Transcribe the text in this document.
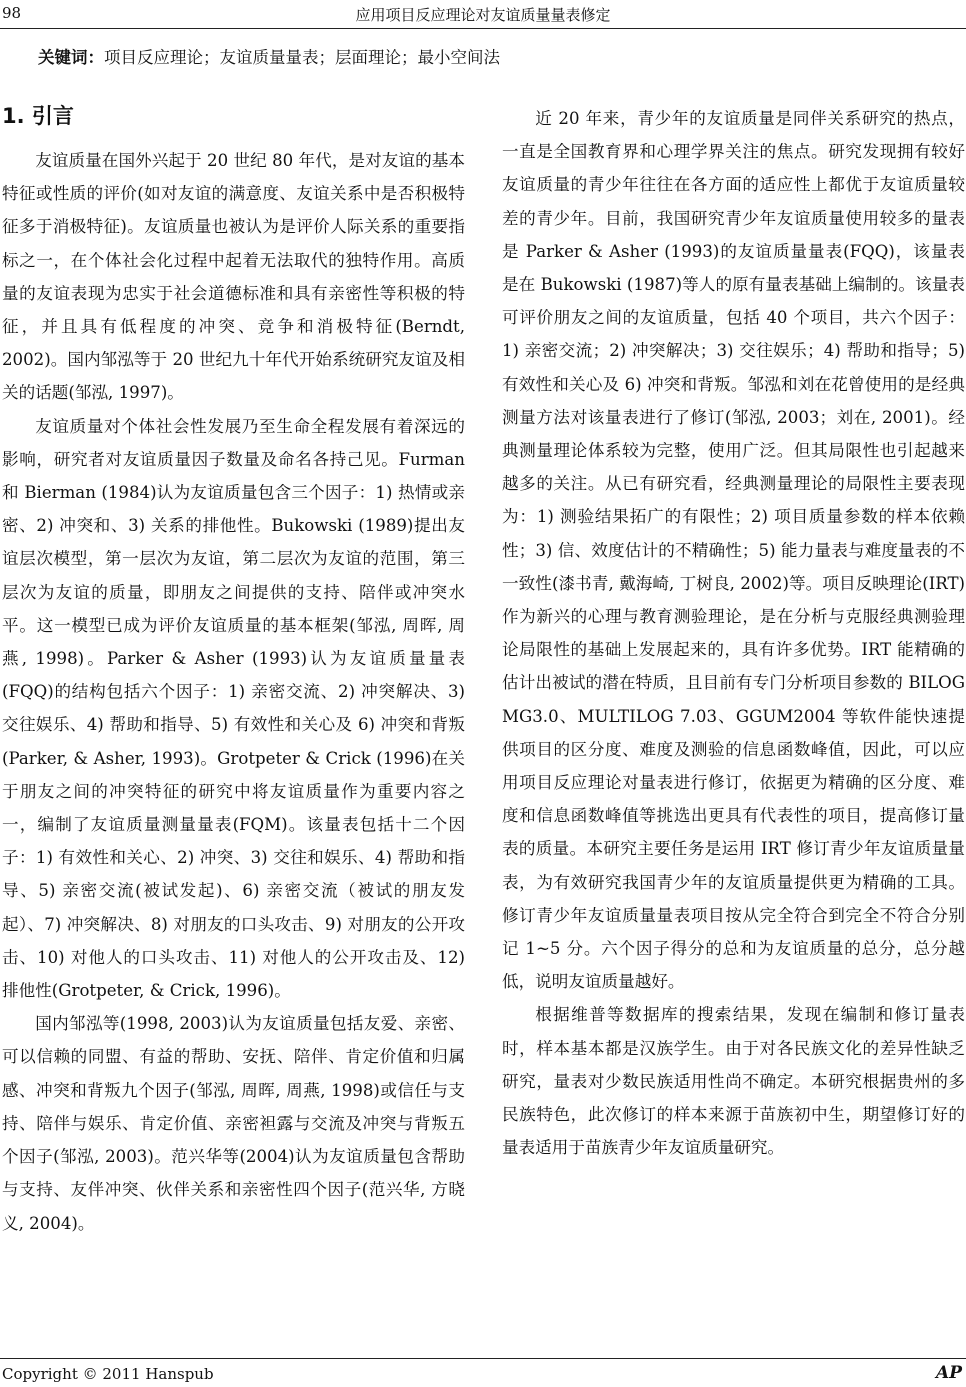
98	应用项目反应理论对友谊质量量表修定
关键词：项目反应理论；友谊质量量表；层面理论；最小空间法
1. 引言

友谊质量在国外兴起于 20 世纪 80 年代，是对友谊的基本特征或性质的评价(如对友谊的满意度、友谊关系中是否积极特征多于消极特征)。友谊质量也被认为是评价人际关系的重要指标之一，在个体社会化过程中起着无法取代的独特作用。高质量的友谊表现为忠实于社会道德标准和具有亲密性等积极的特征，并且具有低程度的冲突、竞争和消极特征(Berndt, 2002)。国内邹泓等于 20 世纪九十年代开始系统研究友谊及相关的话题(邹泓, 1997)。

友谊质量对个体社会性发展乃至生命全程发展有着深远的影响，研究者对友谊质量因子数量及命名各持己见。Furman 和 Bierman (1984)认为友谊质量包含三个因子：1) 热情或亲密、2) 冲突和、3) 关系的排他性。Bukowski (1989)提出友谊层次模型，第一层次为友谊，第二层次为友谊的范围，第三层次为友谊的质量，即朋友之间提供的支持、陪伴或冲突水平。这一模型已成为评价友谊质量的基本框架(邹泓, 周晖, 周燕, 1998)。Parker & Asher (1993)认为友谊质量量表(FQQ)的结构包括六个因子：1) 亲密交流、2) 冲突解决、3) 交往娱乐、4) 帮助和指导、5) 有效性和关心及 6) 冲突和背叛(Parker, & Asher, 1993)。Grotpeter & Crick (1996)在关于朋友之间的冲突特征的研究中将友谊质量作为重要内容之一，编制了友谊质量测量量表(FQM)。该量表包括十二个因子：1) 有效性和关心、2) 冲突、3) 交往和娱乐、4) 帮助和指导、5) 亲密交流(被试发起)、6) 亲密交流（被试的朋友发起）、7) 冲突解决、8) 对朋友的口头攻击、9) 对朋友的公开攻击、10) 对他人的口头攻击、11) 对他人的公开攻击及、12) 排他性(Grotpeter, & Crick, 1996)。

国内邹泓等(1998, 2003)认为友谊质量包括友爱、亲密、可以信赖的同盟、有益的帮助、安抚、陪伴、肯定价值和归属感、冲突和背叛九个因子(邹泓, 周晖, 周燕, 1998)或信任与支持、陪伴与娱乐、肯定价值、亲密袒露与交流及冲突与背叛五个因子(邹泓, 2003)。范兴华等(2004)认为友谊质量包含帮助与支持、友伴冲突、伙伴关系和亲密性四个因子(范兴华, 方晓义, 2004)。

近 20 年来，青少年的友谊质量是同伴关系研究的热点，一直是全国教育界和心理学界关注的焦点。研究发现拥有较好友谊质量的青少年往往在各方面的适应性上都优于友谊质量较差的青少年。目前，我国研究青少年友谊质量使用较多的量表是 Parker & Asher (1993)的友谊质量量表(FQQ)，该量表是在 Bukowski (1987)等人的原有量表基础上编制的。该量表可评价朋友之间的友谊质量，包括 40 个项目，共六个因子：1) 亲密交流；2) 冲突解决；3) 交往娱乐；4) 帮助和指导；5) 有效性和关心及 6) 冲突和背叛。邹泓和刘在花曾使用的是经典测量方法对该量表进行了修订(邹泓, 2003；刘在, 2001)。经典测量理论体系较为完整，使用广泛。但其局限性也引起越来越多的关注。从已有研究看，经典测量理论的局限性主要表现为：1) 测验结果拓广的有限性；2) 项目质量参数的样本依赖性；3) 信、效度估计的不精确性；5) 能力量表与难度量表的不一致性(漆书青, 戴海崎, 丁树良, 2002)等。项目反映理论(IRT)作为新兴的心理与教育测验理论，是在分析与克服经典测验理论局限性的基础上发展起来的，具有许多优势。IRT 能精确的估计出被试的潜在特质，且目前有专门分析项目参数的 BILOG MG3.0、MULTILOG 7.03、GGUM2004 等软件能快速提供项目的区分度、难度及测验的信息函数峰值，因此，可以应用项目反应理论对量表进行修订，依据更为精确的区分度、难度和信息函数峰值等挑选出更具有代表性的项目，提高修订量表的质量。本研究主要任务是运用 IRT 修订青少年友谊质量量表，为有效研究我国青少年的友谊质量提供更为精确的工具。修订青少年友谊质量量表项目按从完全符合到完全不符合分别记 1~5 分。六个因子得分的总和为友谊质量的总分，总分越低，说明友谊质量越好。

根据维普等数据库的搜索结果，发现在编制和修订量表时，样本基本都是汉族学生。由于对各民族文化的差异性缺乏研究，量表对少数民族适用性尚不确定。本研究根据贵州的多民族特色，此次修订的样本来源于苗族初中生，期望修订好的量表适用于苗族青少年友谊质量研究。

Copyright © 2011 Hanspub	AP
